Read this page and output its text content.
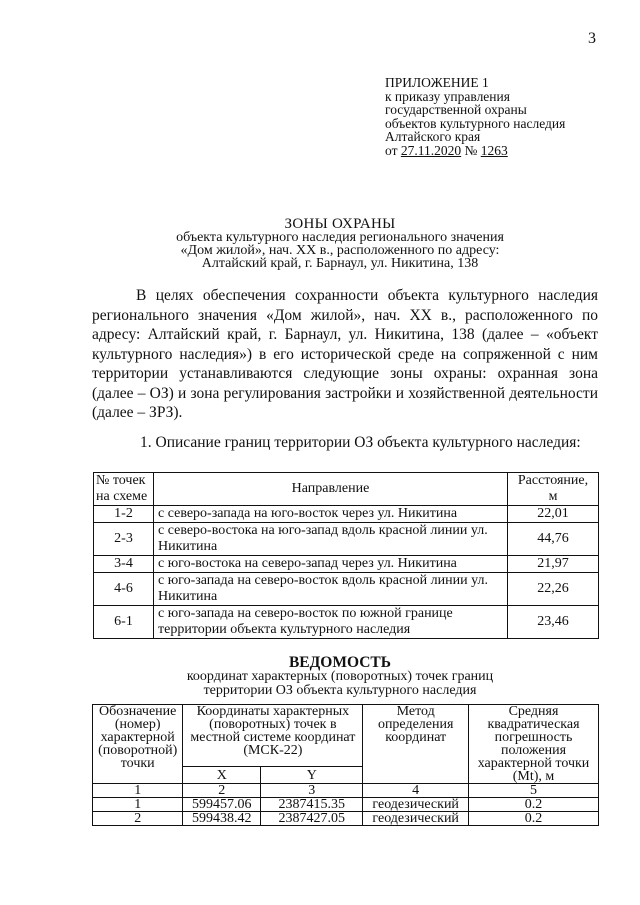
3
ПРИЛОЖЕНИЕ 1
к приказу управления
государственной охраны
объектов культурного наследия
Алтайского края
от 27.11.2020 № 1263
ЗОНЫ ОХРАНЫ
объекта культурного наследия регионального значения
«Дом жилой», нач. XX в., расположенного по адресу:
Алтайский край, г. Барнаул, ул. Никитина, 138
В целях обеспечения сохранности объекта культурного наследия регионального значения «Дом жилой», нач. XX в., расположенного по адресу: Алтайский край, г. Барнаул, ул. Никитина, 138 (далее – «объект культурного наследия») в его исторической среде на сопряженной с ним территории устанавливаются следующие зоны охраны: охранная зона (далее – ОЗ) и зона регулирования застройки и хозяйственной деятельности (далее – ЗРЗ).
1. Описание границ территории ОЗ объекта культурного наследия:
№ точек на схеме	Направление	Расстояние, м
1-2	с северо-запада на юго-восток через ул. Никитина	22,01
2-3	с северо-востока на юго-запад вдоль красной линии ул. Никитина	44,76
3-4	с юго-востока на северо-запад через ул. Никитина	21,97
4-6	с юго-запада на северо-восток вдоль красной линии ул. Никитина	22,26
6-1	с юго-запада на северо-восток по южной границе территории объекта культурного наследия	23,46
ВЕДОМОСТЬ
координат характерных (поворотных) точек границ
территории ОЗ объекта культурного наследия
Обозначение (номер) характерной (поворотной) точки	Координаты характерных (поворотных) точек в местной системе координат (МСК-22)		Метод определения координат	Средняя квадратическая погрешность положения характерной точки (Mt), м
	X	Y		
1	2	3	4	5
1	599457.06	2387415.35	геодезический	0.2
2	599438.42	2387427.05	геодезический	0.2
